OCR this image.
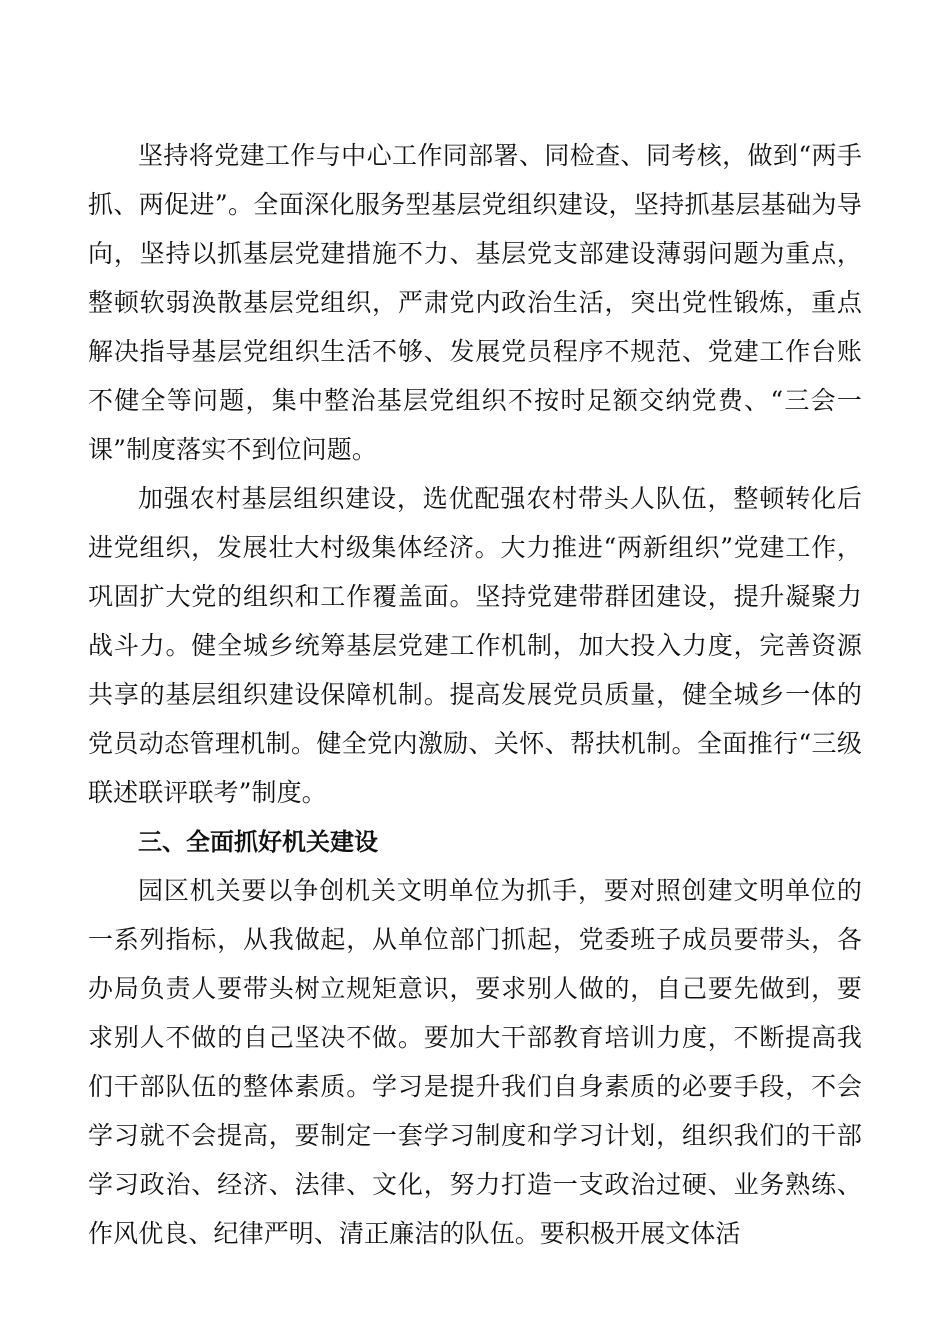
坚持将党建工作与中心工作同部署、同检查、同考核，做到“两手抓、两促进”。全面深化服务型基层党组织建设，坚持抓基层基础为导向，坚持以抓基层党建措施不力、基层党支部建设薄弱问题为重点，整顿软弱涣散基层党组织，严肃党内政治生活，突出党性锻炼，重点解决指导基层党组织生活不够、发展党员程序不规范、党建工作台账不健全等问题，集中整治基层党组织不按时足额交纳党费、“三会一课”制度落实不到位问题。

加强农村基层组织建设，选优配强农村带头人队伍，整顿转化后进党组织，发展壮大村级集体经济。大力推进“两新组织”党建工作，巩固扩大党的组织和工作覆盖面。坚持党建带群团建设，提升凝聚力战斗力。健全城乡统筹基层党建工作机制，加大投入力度，完善资源共享的基层组织建设保障机制。提高发展党员质量，健全城乡一体的党员动态管理机制。健全党内激励、关怀、帮扶机制。全面推行“三级联述联评联考”制度。

三、全面抓好机关建设

园区机关要以争创机关文明单位为抓手，要对照创建文明单位的一系列指标，从我做起，从单位部门抓起，党委班子成员要带头，各办局负责人要带头树立规矩意识，要求别人做的，自己要先做到，要求别人不做的自己坚决不做。要加大干部教育培训力度，不断提高我们干部队伍的整体素质。学习是提升我们自身素质的必要手段，不会学习就不会提高，要制定一套学习制度和学习计划，组织我们的干部学习政治、经济、法律、文化，努力打造一支政治过硬、业务熟练、作风优良、纪律严明、清正廉洁的队伍。要积极开展文体活
